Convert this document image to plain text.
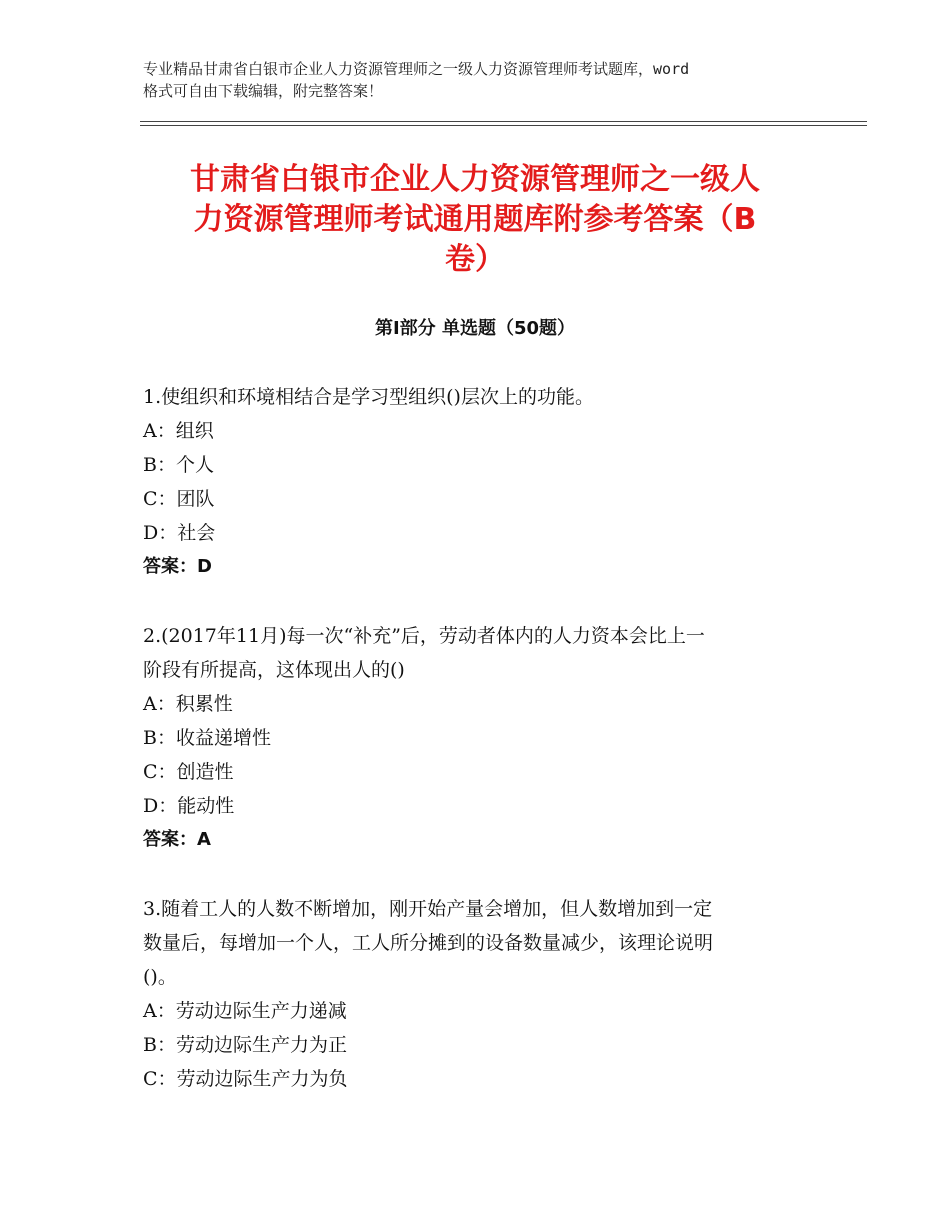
专业精品甘肃省白银市企业人力资源管理师之一级人力资源管理师考试题库，word
格式可自由下载编辑，附完整答案！
甘肃省白银市企业人力资源管理师之一级人
力资源管理师考试通用题库附参考答案（B
卷）
第Ⅰ部分 单选题（50题）

1.使组织和环境相结合是学习型组织()层次上的功能。

A：组织

B：个人

C：团队

D：社会

答案：D

2.(2017年11月)每一次“补充”后，劳动者体内的人力资本会比上一

阶段有所提高，这体现出人的()

A：积累性

B：收益递增性

C：创造性

D：能动性

答案：A

3.随着工人的人数不断增加，刚开始产量会增加，但人数增加到一定

数量后，每增加一个人，工人所分摊到的设备数量减少，该理论说明

()。

A：劳动边际生产力递减

B：劳动边际生产力为正

C：劳动边际生产力为负
